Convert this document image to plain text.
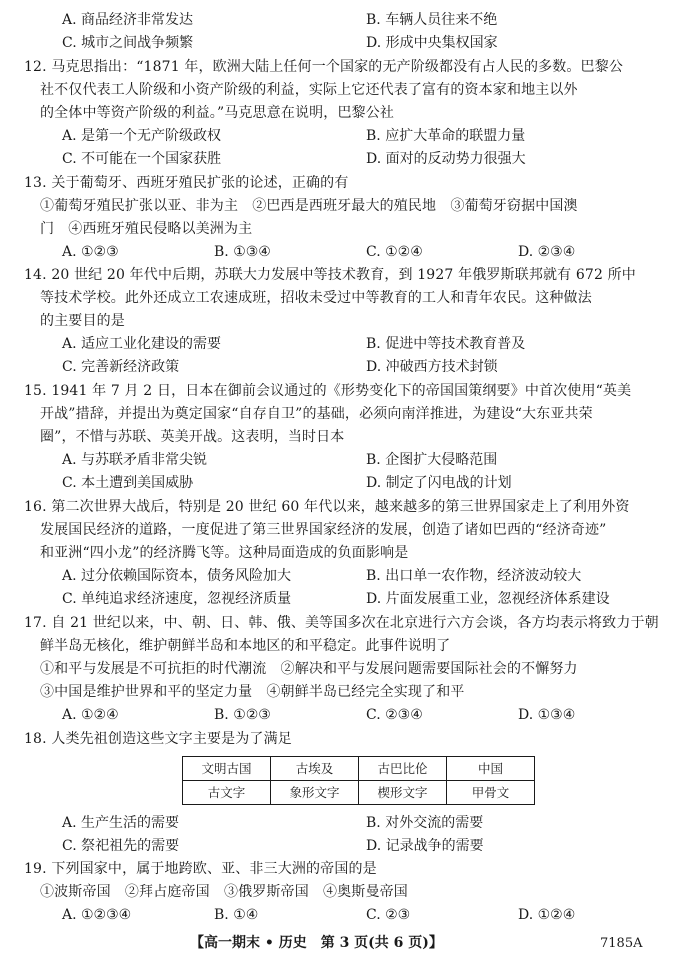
A. 商品经济非常发达	B. 车辆人员往来不绝
C. 城市之间战争频繁	D. 形成中央集权国家
12. 马克思指出：“1871 年，欧洲大陆上任何一个国家的无产阶级都没有占人民的多数。巴黎公
社不仅代表工人阶级和小资产阶级的利益，实际上它还代表了富有的资本家和地主以外
的全体中等资产阶级的利益。”马克思意在说明，巴黎公社
A. 是第一个无产阶级政权	B. 应扩大革命的联盟力量
C. 不可能在一个国家获胜	D. 面对的反动势力很强大
13. 关于葡萄牙、西班牙殖民扩张的论述，正确的有
①葡萄牙殖民扩张以亚、非为主　②巴西是西班牙最大的殖民地　③葡萄牙窃据中国澳
门　④西班牙殖民侵略以美洲为主
A. ①②③	B. ①③④	C. ①②④	D. ②③④
14. 20 世纪 20 年代中后期，苏联大力发展中等技术教育，到 1927 年俄罗斯联邦就有 672 所中
等技术学校。此外还成立工农速成班，招收未受过中等教育的工人和青年农民。这种做法
的主要目的是
A. 适应工业化建设的需要	B. 促进中等技术教育普及
C. 完善新经济政策	D. 冲破西方技术封锁
15. 1941 年 7 月 2 日，日本在御前会议通过的《形势变化下的帝国国策纲要》中首次使用“英美
开战”措辞，并提出为奠定国家“自存自卫”的基础，必须向南洋推进，为建设“大东亚共荣
圈”，不惜与苏联、英美开战。这表明，当时日本
A. 与苏联矛盾非常尖锐	B. 企图扩大侵略范围
C. 本土遭到美国威胁	D. 制定了闪电战的计划
16. 第二次世界大战后，特别是 20 世纪 60 年代以来，越来越多的第三世界国家走上了利用外资
发展国民经济的道路，一度促进了第三世界国家经济的发展，创造了诸如巴西的“经济奇迹”
和亚洲“四小龙”的经济腾飞等。这种局面造成的负面影响是
A. 过分依赖国际资本，债务风险加大	B. 出口单一农作物，经济波动较大
C. 单纯追求经济速度，忽视经济质量	D. 片面发展重工业，忽视经济体系建设
17. 自 21 世纪以来，中、朝、日、韩、俄、美等国多次在北京进行六方会谈，各方均表示将致力于朝
鲜半岛无核化，维护朝鲜半岛和本地区的和平稳定。此事件说明了
①和平与发展是不可抗拒的时代潮流　②解决和平与发展问题需要国际社会的不懈努力
③中国是维护世界和平的坚定力量　④朝鲜半岛已经完全实现了和平
A. ①②④	B. ①②③	C. ②③④	D. ①③④
18. 人类先祖创造这些文字主要是为了满足
文明古国	古埃及	古巴比伦	中国
古文字	象形文字	楔形文字	甲骨文
A. 生产生活的需要	B. 对外交流的需要
C. 祭祀祖先的需要	D. 记录战争的需要
19. 下列国家中，属于地跨欧、亚、非三大洲的帝国的是
①波斯帝国　②拜占庭帝国　③俄罗斯帝国　④奥斯曼帝国
A. ①②③④	B. ①④	C. ②③	D. ①②④
【高一期末 • 历史　第 3 页(共 6 页)】	7185A
